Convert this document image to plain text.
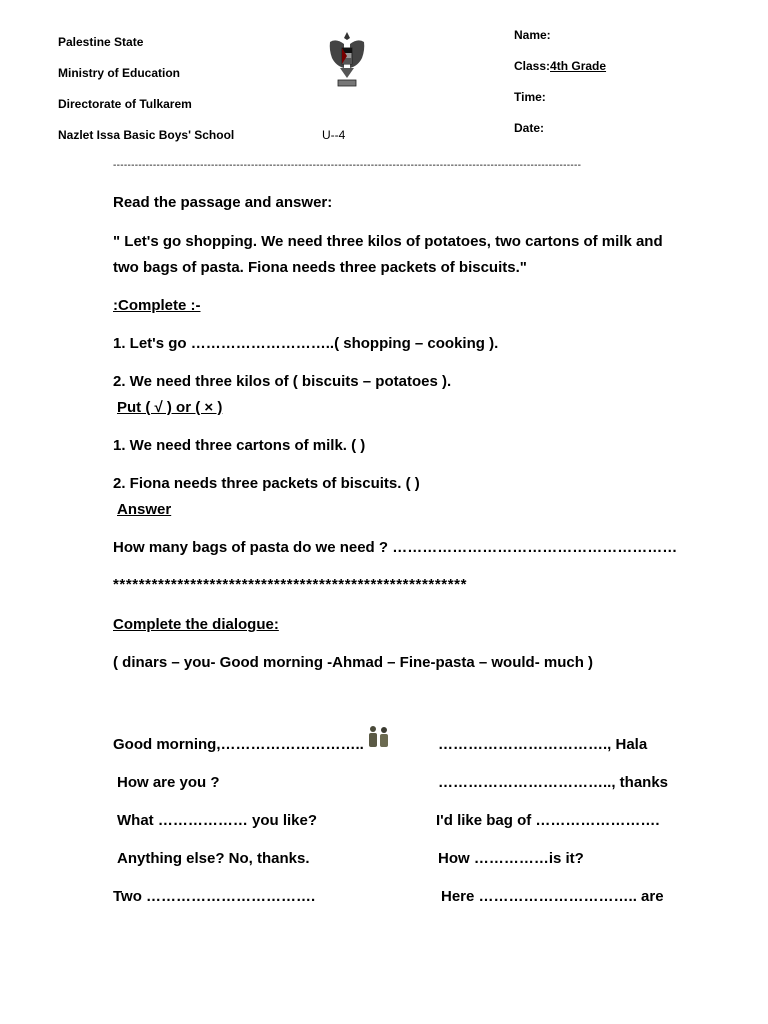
Palestine State
Ministry of Education
Directorate of Tulkarem
Nazlet Issa Basic Boys' School	U--4
Name:
Class:4th Grade
Time:
Date:
---------------------------------------------------------------------------------------------------------------------------------
Read the passage and answer:
" Let's go shopping. We need three kilos of potatoes, two cartons of milk and
two bags of pasta. Fiona needs three packets of biscuits."
:Complete :-
1. Let's go ………………………..( shopping – cooking ).
2. We need three kilos of ( biscuits – potatoes ).
Put ( √ ) or ( × )
1. We need three cartons of milk. ( )
2. Fiona needs three packets of biscuits. ( )
Answer
How many bags of pasta do we need ? …………………………………………………
*******************************************************
Complete the dialogue:
( dinars – you- Good morning -Ahmad – Fine-pasta – would- much )
Good morning,………………………..
How are you ?
What ……………… you like?
Anything else? No, thanks.
Two …………………………….
……………………………., Hala
…………………………….., thanks
I'd like bag of …………………….
How ……………is it?
Here ………………………….. are
